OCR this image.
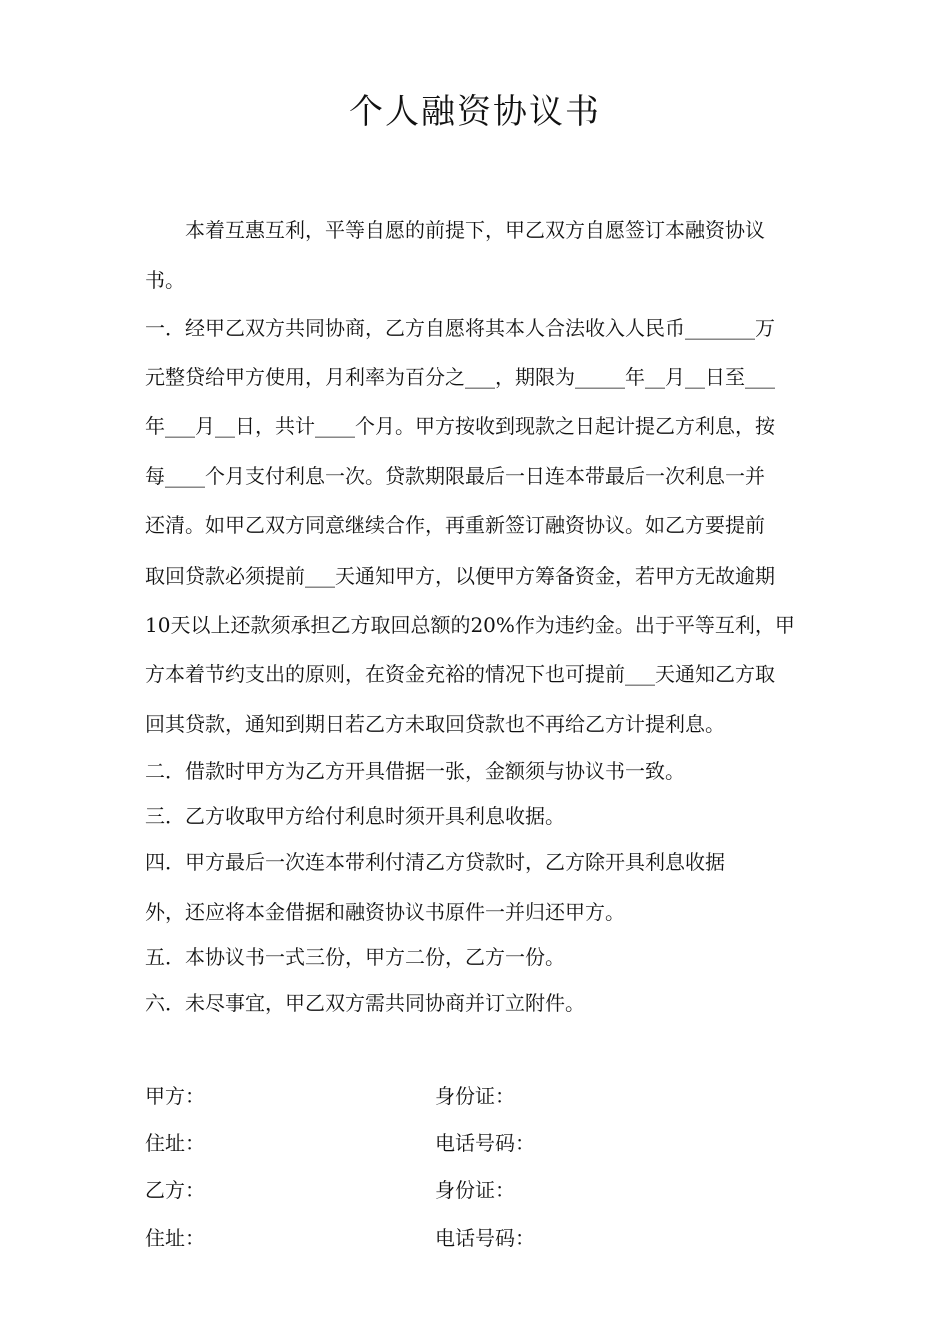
个人融资协议书
本着互惠互利，平等自愿的前提下，甲乙双方自愿签订本融资协议
书。
一．经甲乙双方共同协商，乙方自愿将其本人合法收入人民币_______万
元整贷给甲方使用，月利率为百分之___，期限为_____年__月__日至___
年___月__日，共计____个月。甲方按收到现款之日起计提乙方利息，按
每____个月支付利息一次。贷款期限最后一日连本带最后一次利息一并
还清。如甲乙双方同意继续合作，再重新签订融资协议。如乙方要提前
取回贷款必须提前___天通知甲方，以便甲方筹备资金，若甲方无故逾期
10天以上还款须承担乙方取回总额的20%作为违约金。出于平等互利，甲
方本着节约支出的原则，在资金充裕的情况下也可提前___天通知乙方取
回其贷款，通知到期日若乙方未取回贷款也不再给乙方计提利息。
二．借款时甲方为乙方开具借据一张，金额须与协议书一致。
三．乙方收取甲方给付利息时须开具利息收据。
四．甲方最后一次连本带利付清乙方贷款时，乙方除开具利息收据
外，还应将本金借据和融资协议书原件一并归还甲方。
五．本协议书一式三份，甲方二份，乙方一份。
六．未尽事宜，甲乙双方需共同协商并订立附件。
甲方：	身份证：
住址：	电话号码：
乙方：	身份证：
住址：	电话号码：
